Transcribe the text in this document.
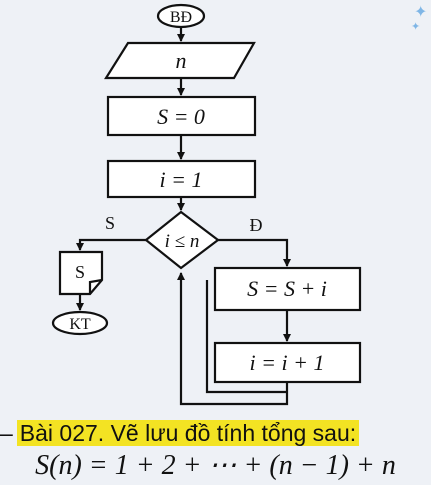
✦
✦
BĐ
n
S = 0
i = 1
i ≤ n
S	Đ
S
KT
S = S + i
i = i + 1
– Bài 027. Vẽ lưu đồ tính tổng sau:
S(n) = 1 + 2 + ⋯ + (n − 1) + n
